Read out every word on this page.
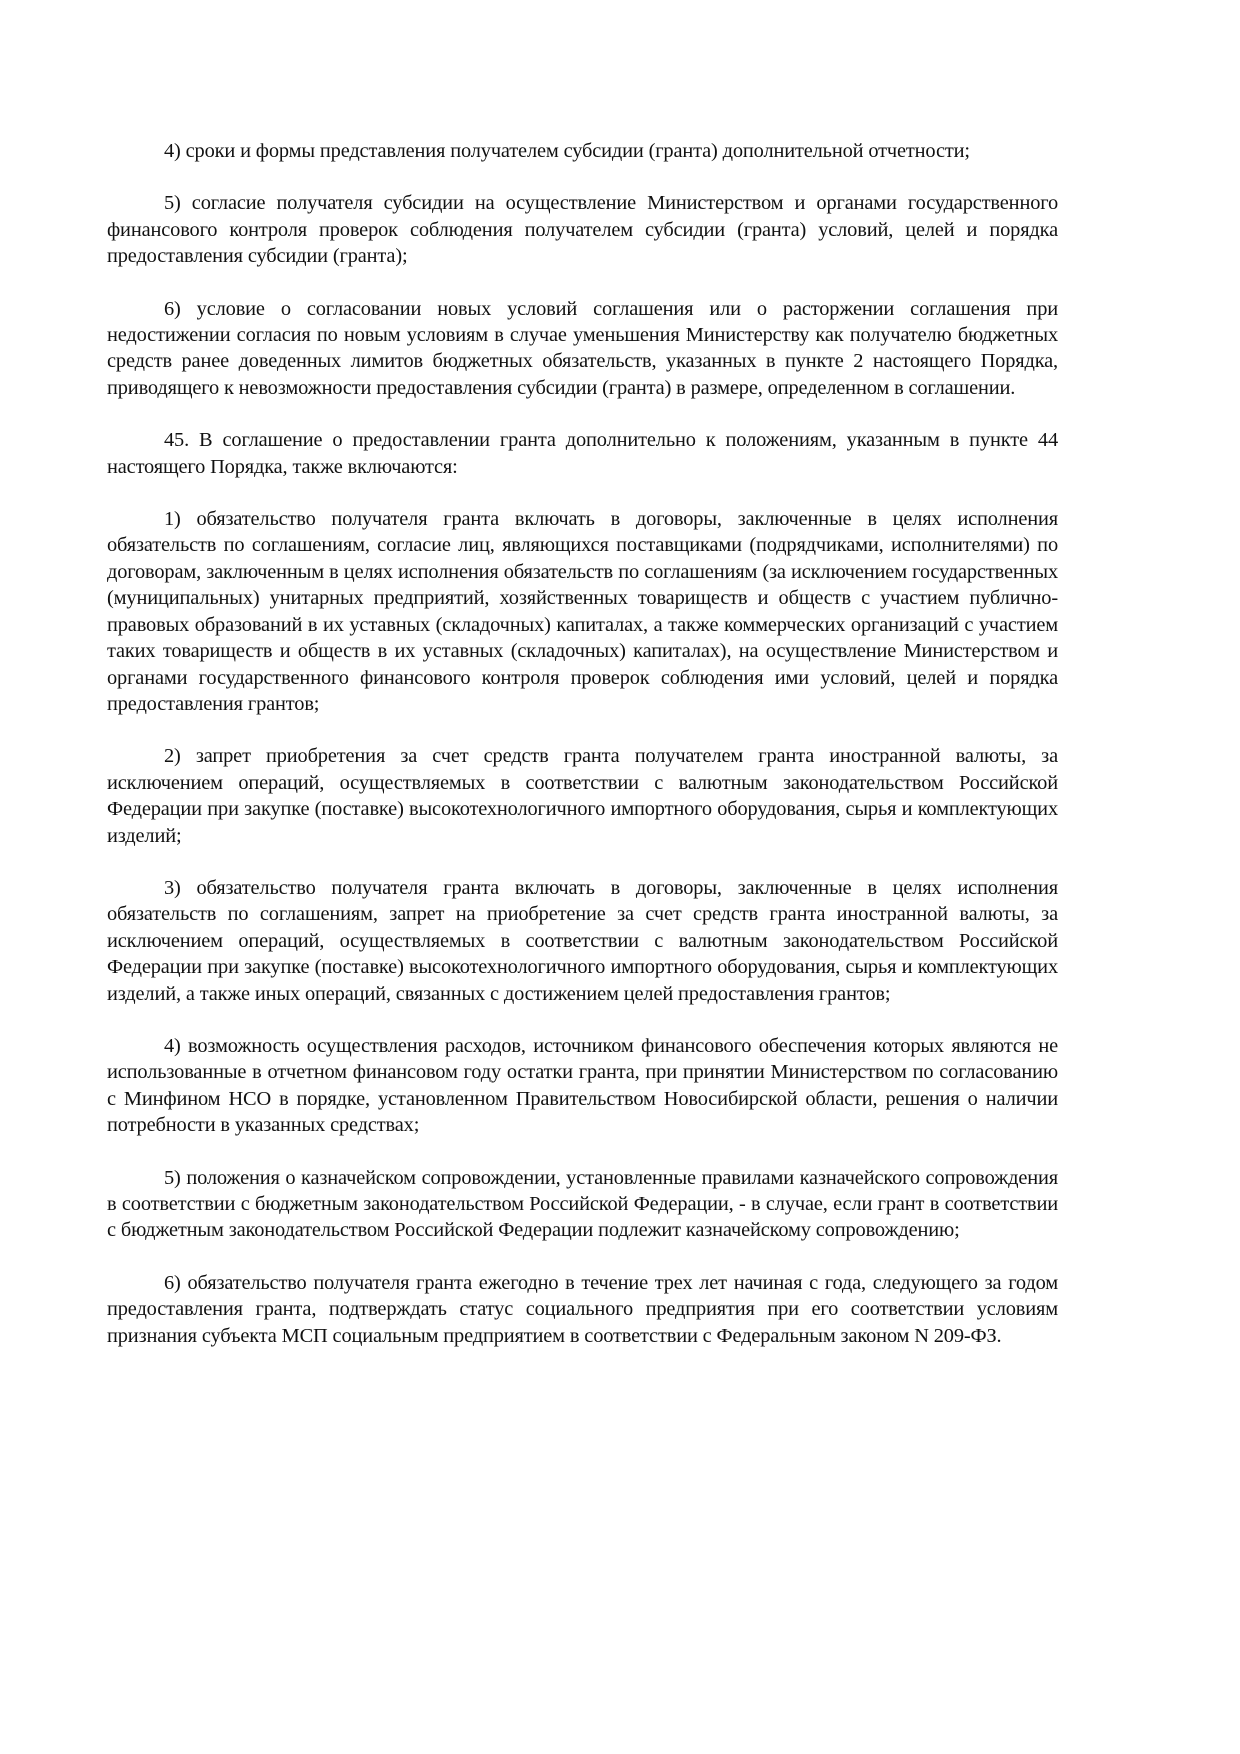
4) сроки и формы представления получателем субсидии (гранта) дополнительной отчетности;

5) согласие получателя субсидии на осуществление Министерством и органами государственного финансового контроля проверок соблюдения получателем субсидии (гранта) условий, целей и порядка предоставления субсидии (гранта);

6) условие о согласовании новых условий соглашения или о расторжении соглашения при недостижении согласия по новым условиям в случае уменьшения Министерству как получателю бюджетных средств ранее доведенных лимитов бюджетных обязательств, указанных в пункте 2 настоящего Порядка, приводящего к невозможности предоставления субсидии (гранта) в размере, определенном в соглашении.

45. В соглашение о предоставлении гранта дополнительно к положениям, указанным в пункте 44 настоящего Порядка, также включаются:

1) обязательство получателя гранта включать в договоры, заключенные в целях исполнения обязательств по соглашениям, согласие лиц, являющихся поставщиками (подрядчиками, исполнителями) по договорам, заключенным в целях исполнения обязательств по соглашениям (за исключением государственных (муниципальных) унитарных предприятий, хозяйственных товариществ и обществ с участием публично-правовых образований в их уставных (складочных) капиталах, а также коммерческих организаций с участием таких товариществ и обществ в их уставных (складочных) капиталах), на осуществление Министерством и органами государственного финансового контроля проверок соблюдения ими условий, целей и порядка предоставления грантов;

2) запрет приобретения за счет средств гранта получателем гранта иностранной валюты, за исключением операций, осуществляемых в соответствии с валютным законодательством Российской Федерации при закупке (поставке) высокотехнологичного импортного оборудования, сырья и комплектующих изделий;

3) обязательство получателя гранта включать в договоры, заключенные в целях исполнения обязательств по соглашениям, запрет на приобретение за счет средств гранта иностранной валюты, за исключением операций, осуществляемых в соответствии с валютным законодательством Российской Федерации при закупке (поставке) высокотехнологичного импортного оборудования, сырья и комплектующих изделий, а также иных операций, связанных с достижением целей предоставления грантов;

4) возможность осуществления расходов, источником финансового обеспечения которых являются не использованные в отчетном финансовом году остатки гранта, при принятии Министерством по согласованию с Минфином НСО в порядке, установленном Правительством Новосибирской области, решения о наличии потребности в указанных средствах;

5) положения о казначейском сопровождении, установленные правилами казначейского сопровождения в соответствии с бюджетным законодательством Российской Федерации, - в случае, если грант в соответствии с бюджетным законодательством Российской Федерации подлежит казначейскому сопровождению;

6) обязательство получателя гранта ежегодно в течение трех лет начиная с года, следующего за годом предоставления гранта, подтверждать статус социального предприятия при его соответствии условиям признания субъекта МСП социальным предприятием в соответствии с Федеральным законом N 209-ФЗ.
